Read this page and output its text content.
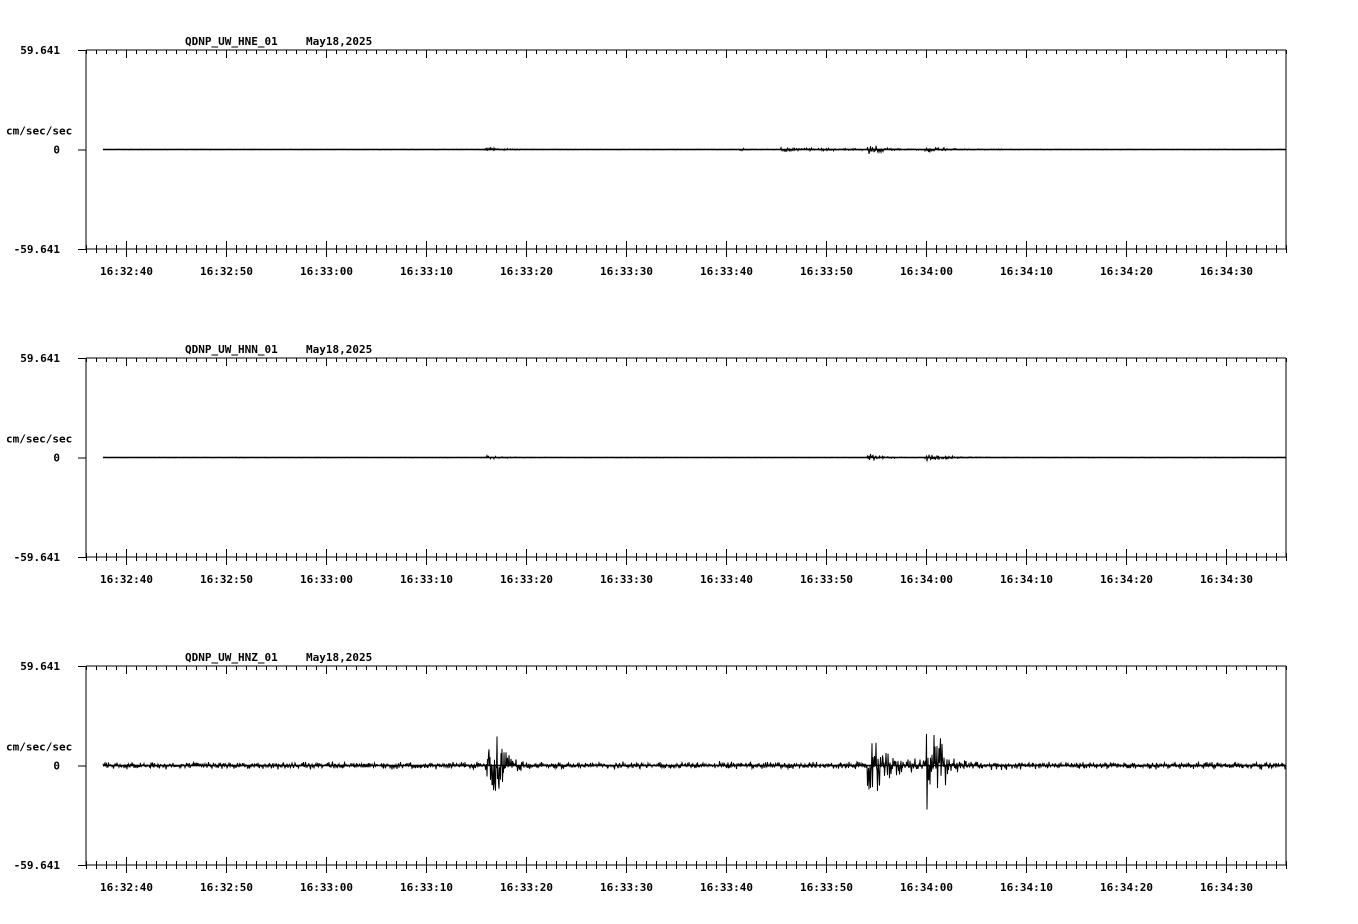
QDNP_UW_HNE_01	May18,2025
59.641
0
-59.641
cm/sec/sec
16:32:40	16:32:50	16:33:00	16:33:10	16:33:20	16:33:30	16:33:40	16:33:50	16:34:00	16:34:10	16:34:20	16:34:30
QDNP_UW_HNN_01	May18,2025
59.641
0
-59.641
cm/sec/sec
16:32:40	16:32:50	16:33:00	16:33:10	16:33:20	16:33:30	16:33:40	16:33:50	16:34:00	16:34:10	16:34:20	16:34:30
QDNP_UW_HNZ_01	May18,2025
59.641
0
-59.641
cm/sec/sec
16:32:40	16:32:50	16:33:00	16:33:10	16:33:20	16:33:30	16:33:40	16:33:50	16:34:00	16:34:10	16:34:20	16:34:30
